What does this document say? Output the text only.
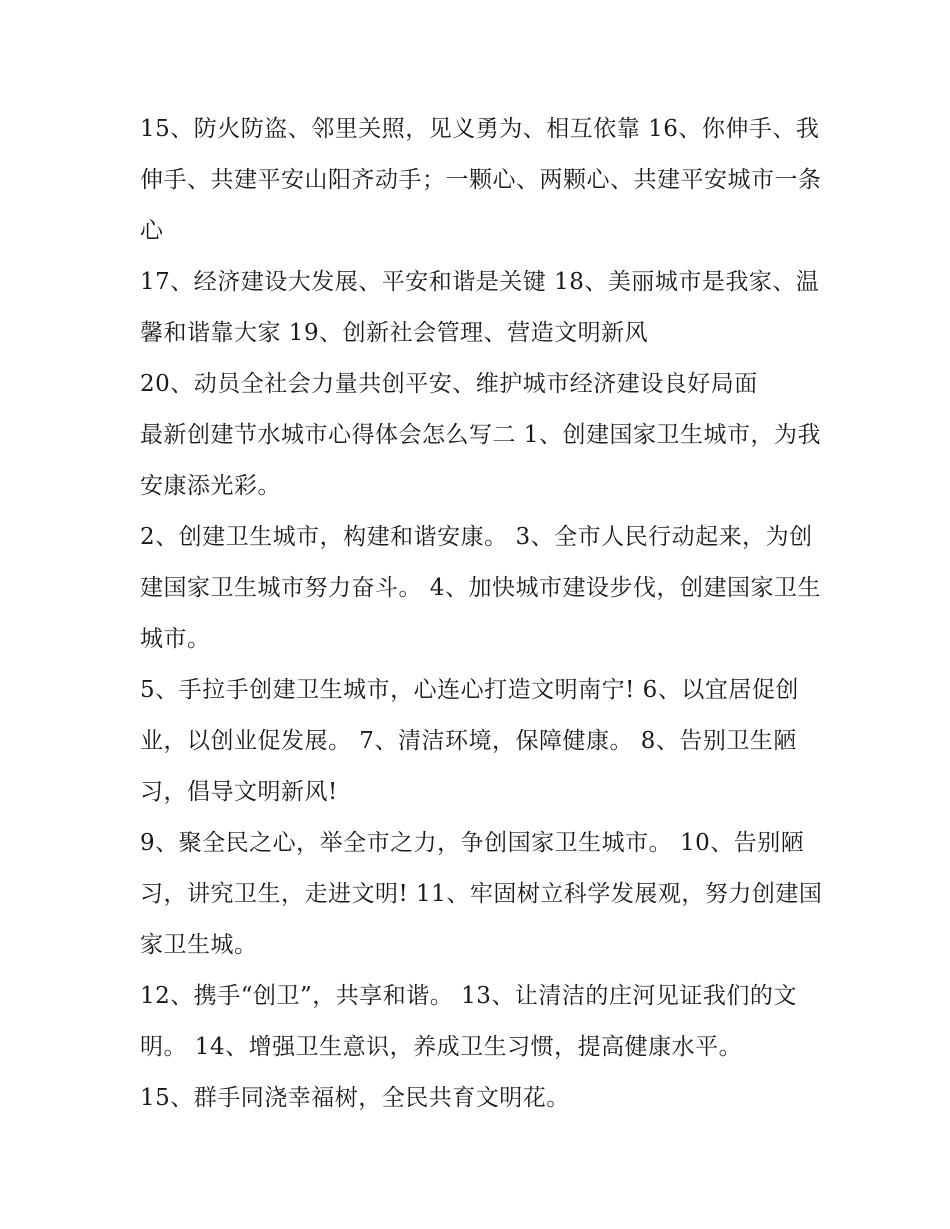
15、防火防盗、邻里关照，见义勇为、相互依靠 16、你伸手、我伸手、共建平安山阳齐动手；一颗心、两颗心、共建平安城市一条心

17、经济建设大发展、平安和谐是关键 18、美丽城市是我家、温馨和谐靠大家 19、创新社会管理、营造文明新风

20、动员全社会力量共创平安、维护城市经济建设良好局面

最新创建节水城市心得体会怎么写二 1、创建国家卫生城市，为我安康添光彩。

2、创建卫生城市，构建和谐安康。 3、全市人民行动起来，为创建国家卫生城市努力奋斗。 4、加快城市建设步伐，创建国家卫生城市。

5、手拉手创建卫生城市，心连心打造文明南宁! 6、以宜居促创业，以创业促发展。 7、清洁环境，保障健康。 8、告别卫生陋习，倡导文明新风!

9、聚全民之心，举全市之力，争创国家卫生城市。 10、告别陋习，讲究卫生，走进文明! 11、牢固树立科学发展观，努力创建国家卫生城。

12、携手“创卫”，共享和谐。 13、让清洁的庄河见证我们的文明。 14、增强卫生意识，养成卫生习惯，提高健康水平。

15、群手同浇幸福树，全民共育文明花。
